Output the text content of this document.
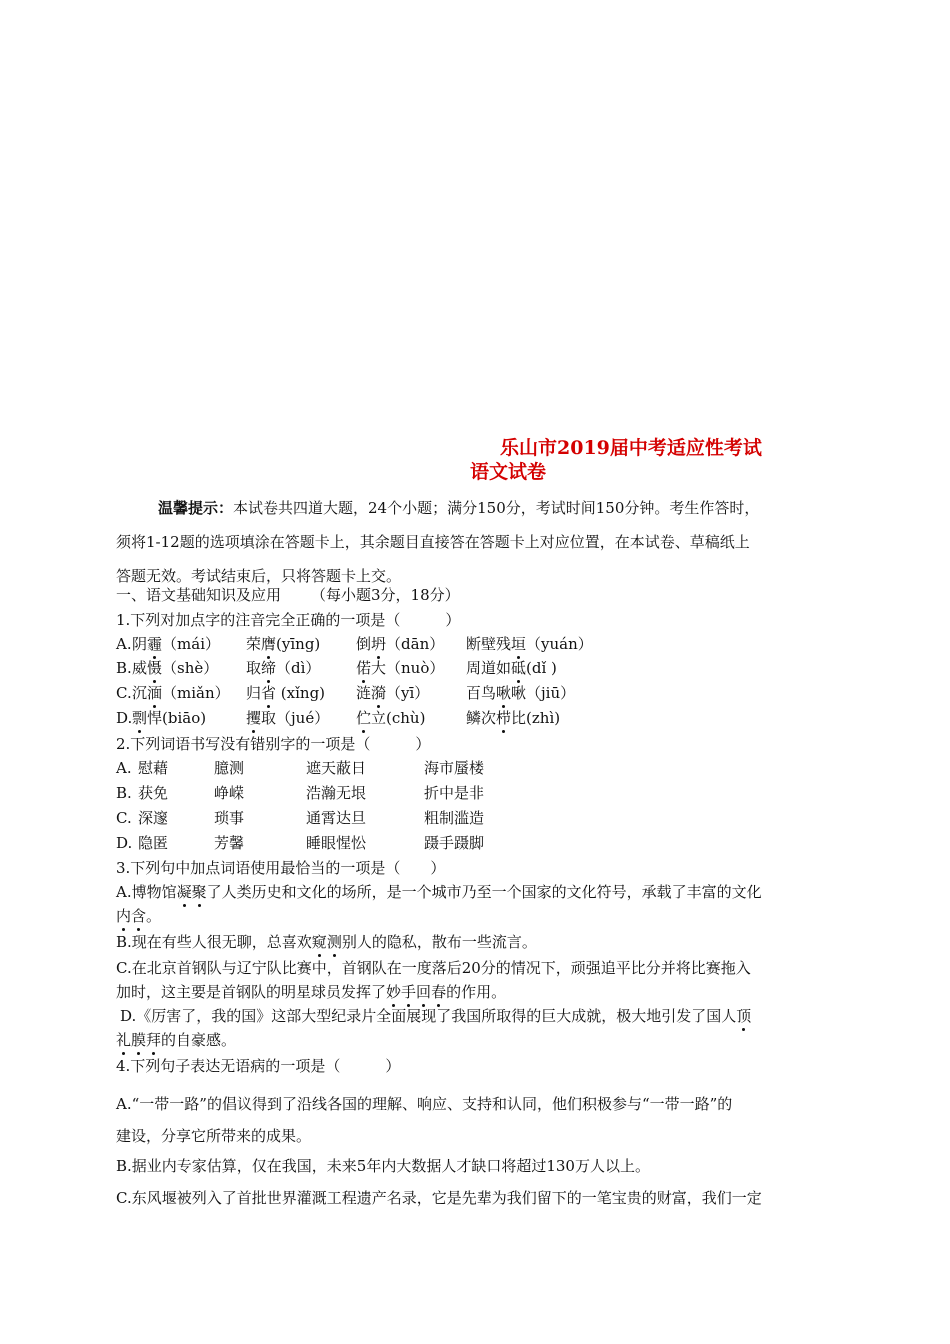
乐山市2019届中考适应性考试
语文试卷
温馨提示：本试卷共四道大题，24个小题；满分150分，考试时间150分钟。考生作答时，
须将1-12题的选项填涂在答题卡上，其余题目直接答在答题卡上对应位置，在本试卷、草稿纸上
答题无效。考试结束后，只将答题卡上交。
一、语文基础知识及应用 （每小题3分，18分）
1.下列对加点字的注音完全正确的一项是（　　　）
A. 阴霾（mái） 荣膺(yīng) 倒坍（dān） 断壁残垣（yuán）
B. 威慑（shè） 取缔（dì） 偌大（nuò） 周道如砥(dǐ )
C. 沉湎（miǎn） 归省 (xǐng) 涟漪（yī） 百鸟啾啾（jiū）
D. 剽悍(biāo)	攫取（jué） 伫立(chù)	鳞次栉比(zhì)
2.下列词语书写没有错别字的一项是（　　　）
A. 慰藉	臆测	遮天蔽日	海市蜃楼
B. 获免	峥嵘	浩瀚无垠	折中是非
C. 深邃	琐事	通霄达旦	粗制滥造
D. 隐匿	芳馨	睡眼惺忪	蹑手蹑脚
3.下列句中加点词语使用最恰当的一项是（　　）
A.博物馆凝聚了人类历史和文化的场所，是一个城市乃至一个国家的文化符号，承载了丰富的文化
内含。
B.现在有些人很无聊，总喜欢窥测别人的隐私，散布一些流言。
C.在北京首钢队与辽宁队比赛中，首钢队在一度落后20分的情况下，顽强追平比分并将比赛拖入
加时，这主要是首钢队的明星球员发挥了妙手回春的作用。
D.《厉害了，我的国》这部大型纪录片全面展现了我国所取得的巨大成就，极大地引发了国人顶
礼膜拜的自豪感。
4.下列句子表达无语病的一项是（　　　）
A.“一带一路”的倡议得到了沿线各国的理解、响应、支持和认同，他们积极参与“一带一路”的
建设，分享它所带来的成果。
B.据业内专家估算，仅在我国，未来5年内大数据人才缺口将超过130万人以上。
C.东风堰被列入了首批世界灌溉工程遗产名录，它是先辈为我们留下的一笔宝贵的财富，我们一定
